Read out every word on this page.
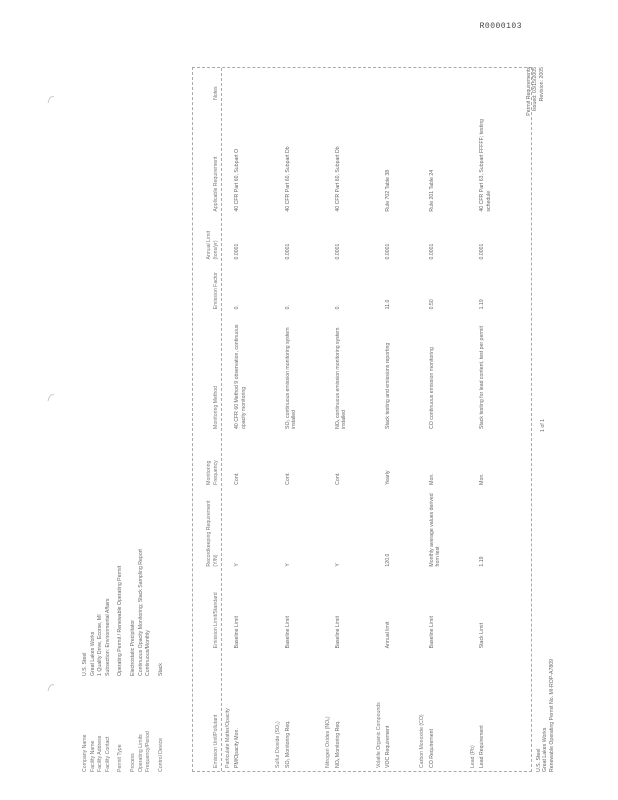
R0000103
Company Name
U.S. Steel
Facility Name
Great Lakes Works
Facility Address
1 Quality Drive, Ecorse, MI
Facility Contact
Subsection: Environmental Affairs
Permit Type
Operating Permit / Renewable Operating Permit
Process
Electrostatic Precipitator
Operating Limits
Continuous Opacity Monitoring; Stack Sampling Report
Frequency/Period
Continuous/Monthly
Control Device
Stack
Emission Unit/Pollutant
Emission Limit/Standard
Recordkeeping Requirement (Y/N)
Monitoring Frequency
Monitoring Method
Emission Factor
Annual Limit (tons/yr)
Applicable Requirement
Notes
Particulate Matter/Opacity PM/Opacity Mon.
Baseline Limit
Y
Cont.
40 CFR 60 Method 9 observation, continuous opacity monitoring
0.
0.0001
40 CFR Part 60, Subpart O
Sulfur Dioxide (SO₂) SO₂ Monitoring Req.
Baseline Limit
Y
Cont.
SO₂ continuous emission monitoring system installed
0.
0.0001
40 CFR Part 60, Subpart Db
Nitrogen Oxides (NOₓ) NOₓ Monitoring Req.
Baseline Limit
Y
Cont.
NOₓ continuous emission monitoring system installed
0.
0.0001
40 CFR Part 60, Subpart Db
Volatile Organic Compounds VOC Requirement
Annual limit
120.0
Yearly
Stack testing and emissions reporting
11.0
0.0001
Rule 702 Table 38
Carbon Monoxide (CO) CO Requirement
Baseline Limit
Monthly average values derived from test
Mon.
CO continuous emission monitoring
0.50
0.0001
Rule 201 Table 24
Lead (Pb) Lead Requirement
Stack Limit
1.19
Mon.
Stack testing for lead content, test per permit
1.19
0.0001
40 CFR Part 63, Subpart FFFFF; testing schedule
U.S. Steel Great Lakes Works Renewable Operating Permit No. MI-ROP-A7809
1 of 1
Permit Requirements Issued: 03/15/2005 Revision: 2005
